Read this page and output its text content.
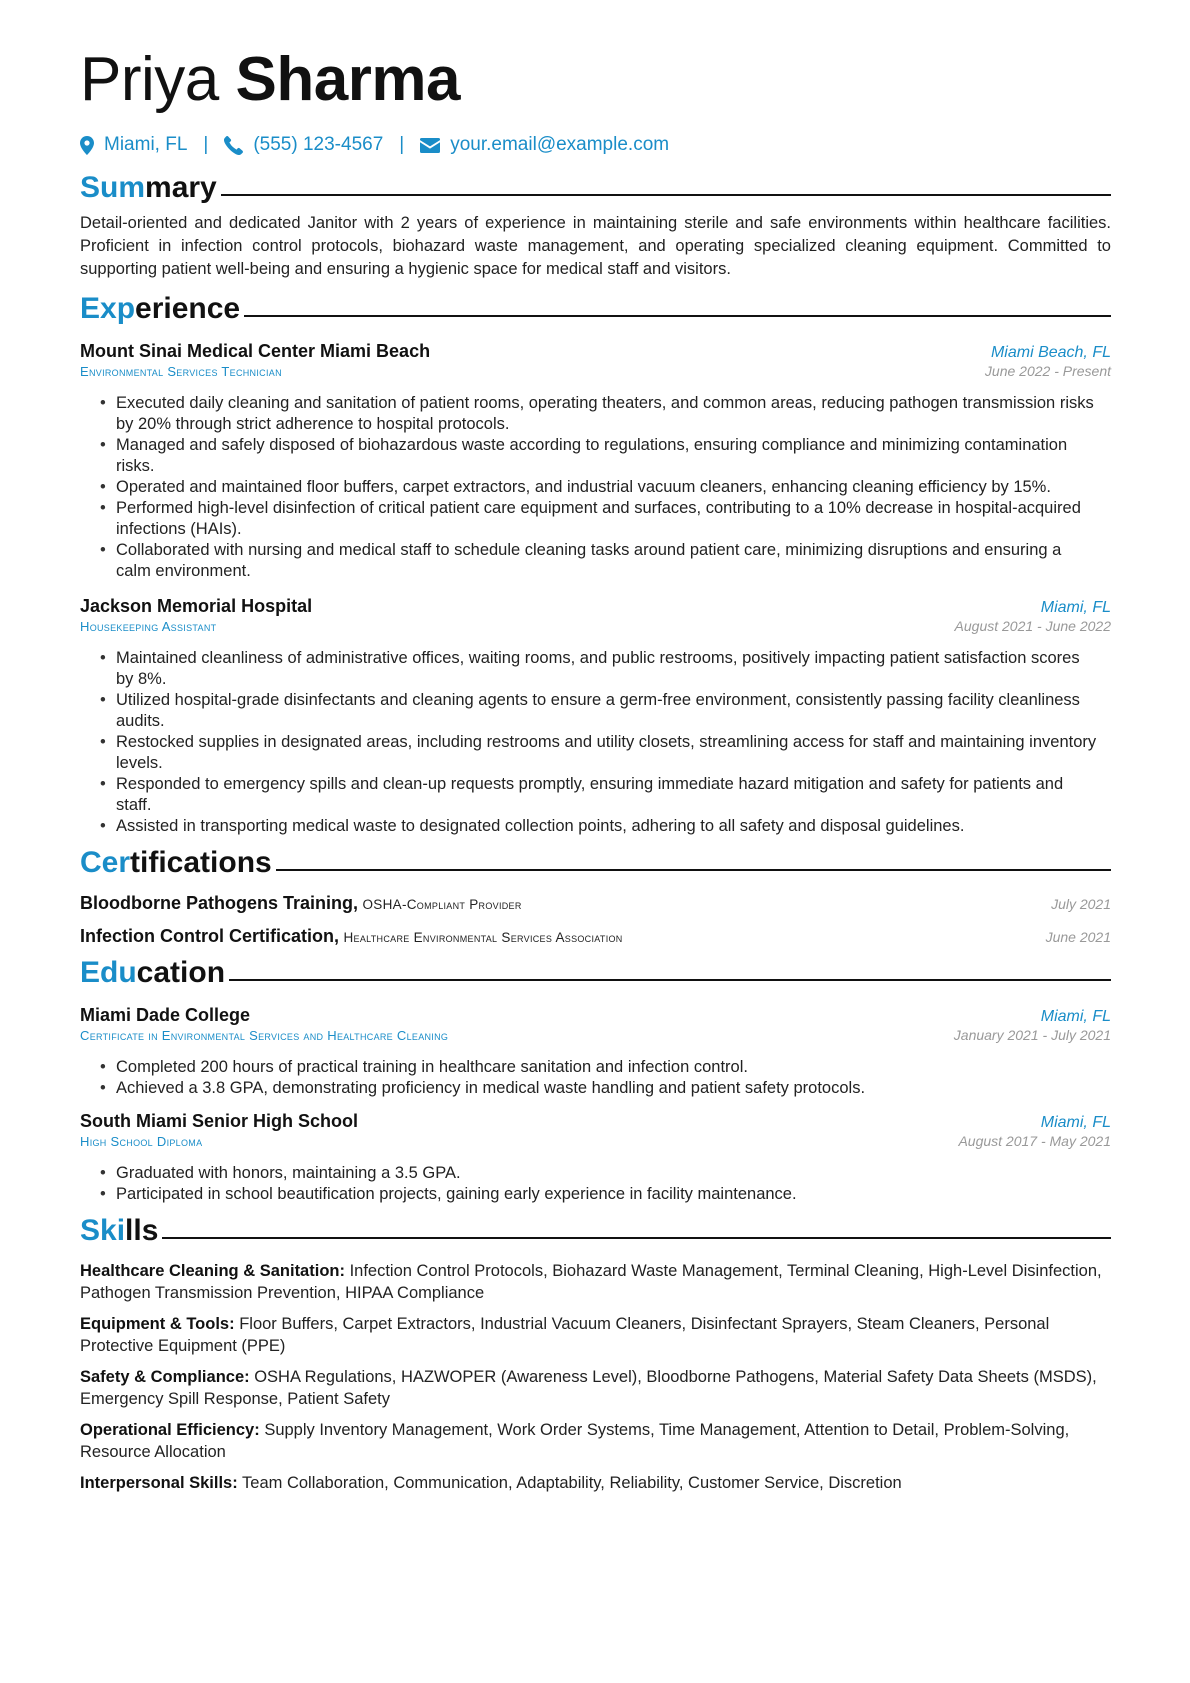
Priya Sharma
Miami, FL | (555) 123-4567 | your.email@example.com
Summary

Detail-oriented and dedicated Janitor with 2 years of experience in maintaining sterile and safe environments within healthcare facilities. Proficient in infection control protocols, biohazard waste management, and operating specialized cleaning equipment. Committed to supporting patient well-being and ensuring a hygienic space for medical staff and visitors.

Experience
Mount Sinai Medical Center Miami Beach	Miami Beach, FL
Environmental Services Technician	June 2022 - Present
• Executed daily cleaning and sanitation of patient rooms, operating theaters, and common areas, reducing pathogen transmission risks by 20% through strict adherence to hospital protocols.
• Managed and safely disposed of biohazardous waste according to regulations, ensuring compliance and minimizing contamination risks.
• Operated and maintained floor buffers, carpet extractors, and industrial vacuum cleaners, enhancing cleaning efficiency by 15%.
• Performed high-level disinfection of critical patient care equipment and surfaces, contributing to a 10% decrease in hospital-acquired infections (HAIs).
• Collaborated with nursing and medical staff to schedule cleaning tasks around patient care, minimizing disruptions and ensuring a calm environment.
Jackson Memorial Hospital	Miami, FL
Housekeeping Assistant	August 2021 - June 2022
• Maintained cleanliness of administrative offices, waiting rooms, and public restrooms, positively impacting patient satisfaction scores by 8%.
• Utilized hospital-grade disinfectants and cleaning agents to ensure a germ-free environment, consistently passing facility cleanliness audits.
• Restocked supplies in designated areas, including restrooms and utility closets, streamlining access for staff and maintaining inventory levels.
• Responded to emergency spills and clean-up requests promptly, ensuring immediate hazard mitigation and safety for patients and staff.
• Assisted in transporting medical waste to designated collection points, adhering to all safety and disposal guidelines.
Certifications
Bloodborne Pathogens Training, OSHA-Compliant Provider	July 2021
Infection Control Certification, Healthcare Environmental Services Association	June 2021
Education
Miami Dade College	Miami, FL
Certificate in Environmental Services and Healthcare Cleaning	January 2021 - July 2021
• Completed 200 hours of practical training in healthcare sanitation and infection control.
• Achieved a 3.8 GPA, demonstrating proficiency in medical waste handling and patient safety protocols.
South Miami Senior High School	Miami, FL
High School Diploma	August 2017 - May 2021
• Graduated with honors, maintaining a 3.5 GPA.
• Participated in school beautification projects, gaining early experience in facility maintenance.
Skills
Healthcare Cleaning & Sanitation: Infection Control Protocols, Biohazard Waste Management, Terminal Cleaning, High-Level Disinfection, Pathogen Transmission Prevention, HIPAA Compliance
Equipment & Tools: Floor Buffers, Carpet Extractors, Industrial Vacuum Cleaners, Disinfectant Sprayers, Steam Cleaners, Personal Protective Equipment (PPE)
Safety & Compliance: OSHA Regulations, HAZWOPER (Awareness Level), Bloodborne Pathogens, Material Safety Data Sheets (MSDS), Emergency Spill Response, Patient Safety
Operational Efficiency: Supply Inventory Management, Work Order Systems, Time Management, Attention to Detail, Problem-Solving, Resource Allocation
Interpersonal Skills: Team Collaboration, Communication, Adaptability, Reliability, Customer Service, Discretion
